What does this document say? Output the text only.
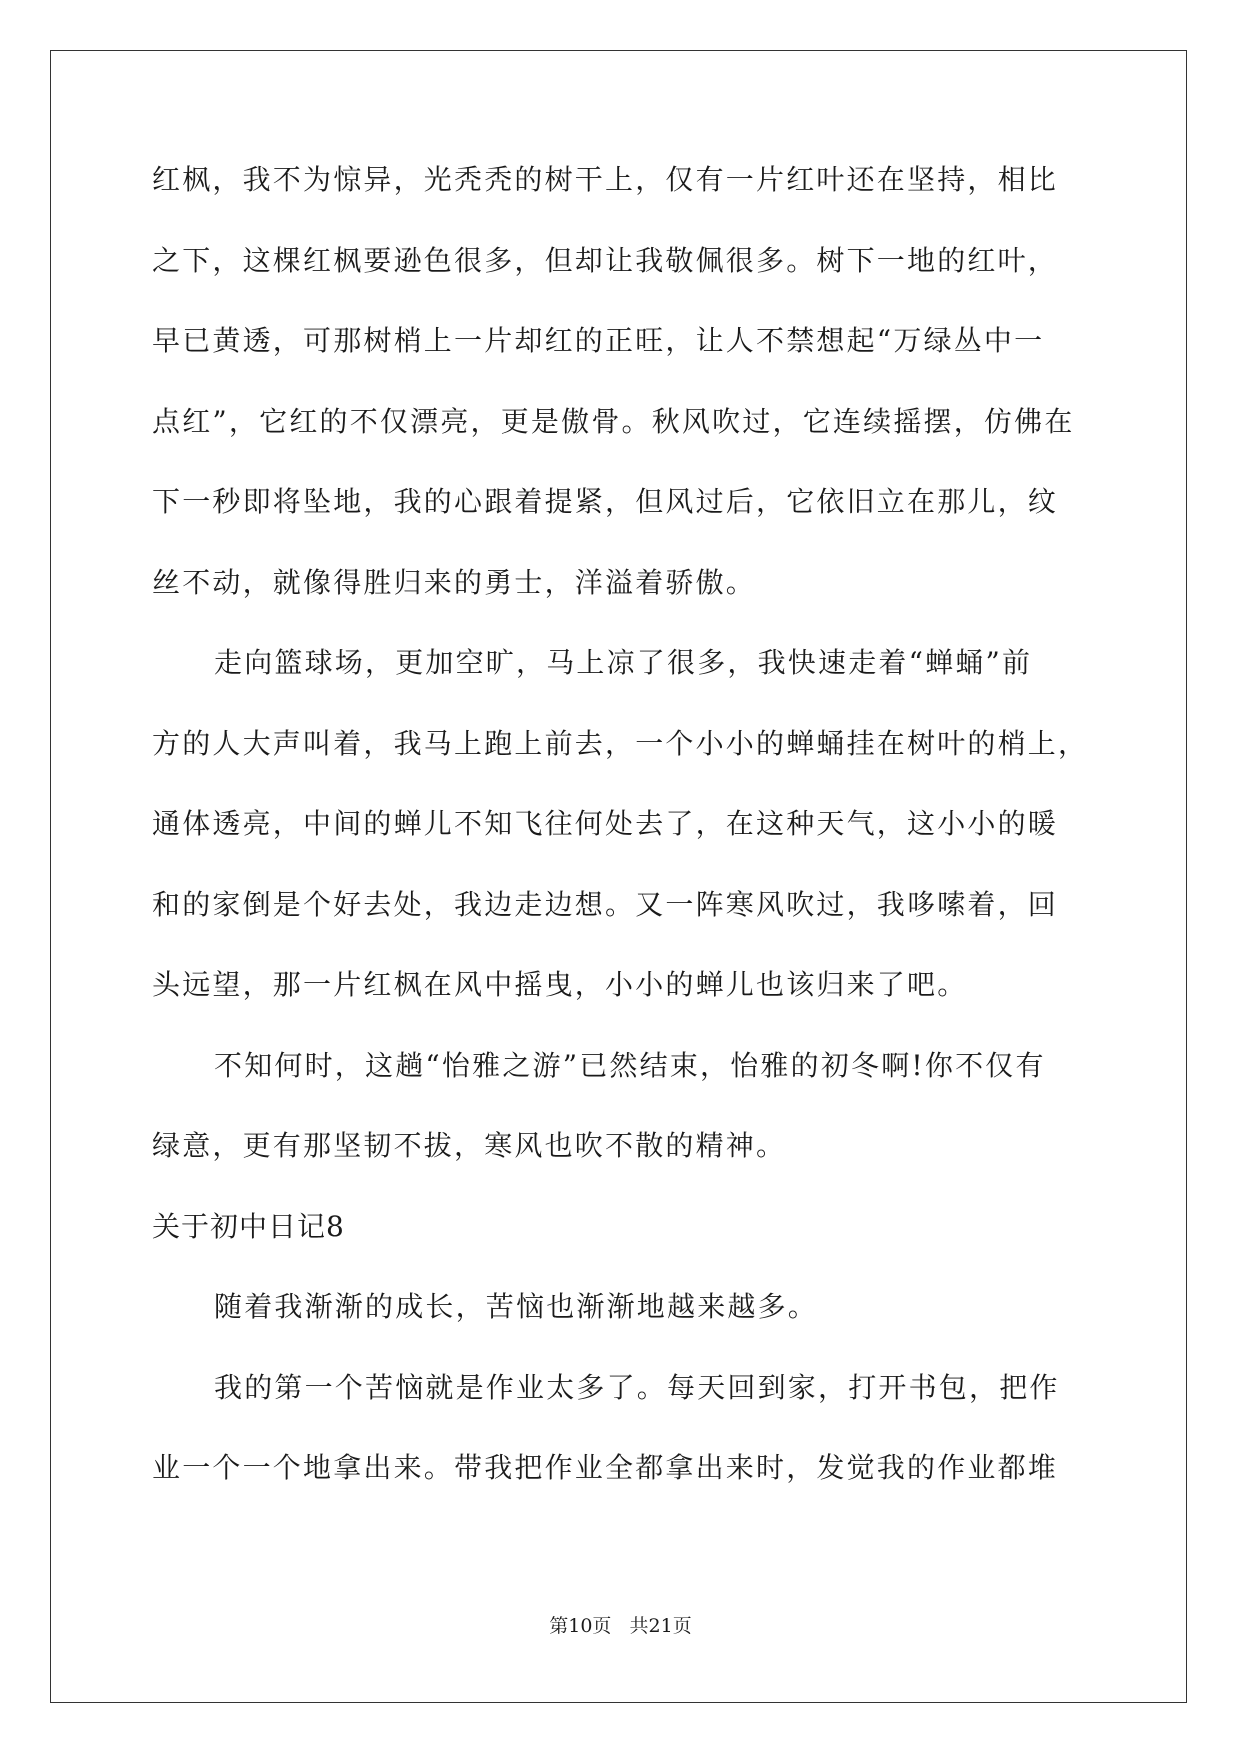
红枫，我不为惊异，光秃秃的树干上，仅有一片红叶还在坚持，相比
之下，这棵红枫要逊色很多，但却让我敬佩很多。树下一地的红叶，
早已黄透，可那树梢上一片却红的正旺，让人不禁想起“万绿丛中一
点红”，它红的不仅漂亮，更是傲骨。秋风吹过，它连续摇摆，仿佛在
下一秒即将坠地，我的心跟着提紧，但风过后，它依旧立在那儿，纹
丝不动，就像得胜归来的勇士，洋溢着骄傲。
走向篮球场，更加空旷，马上凉了很多，我快速走着“蝉蛹”前
方的人大声叫着，我马上跑上前去，一个小小的蝉蛹挂在树叶的梢上，
通体透亮，中间的蝉儿不知飞往何处去了，在这种天气，这小小的暖
和的家倒是个好去处，我边走边想。又一阵寒风吹过，我哆嗦着，回
头远望，那一片红枫在风中摇曳，小小的蝉儿也该归来了吧。
不知何时，这趟“怡雅之游”已然结束，怡雅的初冬啊!你不仅有
绿意，更有那坚韧不拔，寒风也吹不散的精神。
关于初中日记8
随着我渐渐的成长，苦恼也渐渐地越来越多。
我的第一个苦恼就是作业太多了。每天回到家，打开书包，把作
业一个一个地拿出来。带我把作业全都拿出来时，发觉我的作业都堆
第10页   共21页
